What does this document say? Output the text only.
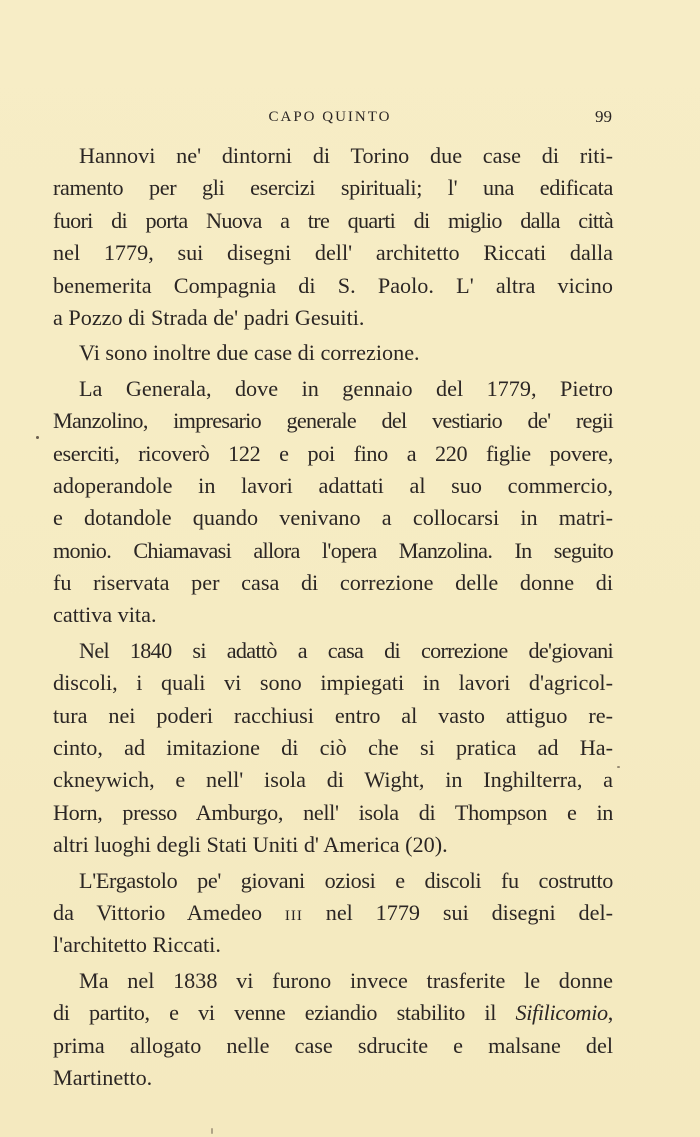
CAPO QUINTO	99
Hannovi ne' dintorni di Torino due case di riti-
ramento per gli esercizi spirituali; l' una edificata
fuori di porta Nuova a tre quarti di miglio dalla città
nel 1779, sui disegni dell' architetto Riccati dalla
benemerita Compagnia di S. Paolo. L' altra vicino
a Pozzo di Strada de' padri Gesuiti.
Vi sono inoltre due case di correzione.
La Generala, dove in gennaio del 1779, Pietro
Manzolino, impresario generale del vestiario de' regii
eserciti, ricoverò 122 e poi fino a 220 figlie povere,
adoperandole in lavori adattati al suo commercio,
e dotandole quando venivano a collocarsi in matri-
monio. Chiamavasi allora l'opera Manzolina. In seguito
fu riservata per casa di correzione delle donne di
cattiva vita.
Nel 1840 si adattò a casa di correzione de'giovani
discoli, i quali vi sono impiegati in lavori d'agricol-
tura nei poderi racchiusi entro al vasto attiguo re-
cinto, ad imitazione di ciò che si pratica ad Ha-
ckneywich, e nell' isola di Wight, in Inghilterra, a
Horn, presso Amburgo, nell' isola di Thompson e in
altri luoghi degli Stati Uniti d' America (20).
L'Ergastolo pe' giovani oziosi e discoli fu costrutto
da Vittorio Amedeo III nel 1779 sui disegni del-
l'architetto Riccati.
Ma nel 1838 vi furono invece trasferite le donne
di partito, e vi venne eziandio stabilito il Sifilicomio,
prima allogato nelle case sdrucite e malsane del
Martinetto.
